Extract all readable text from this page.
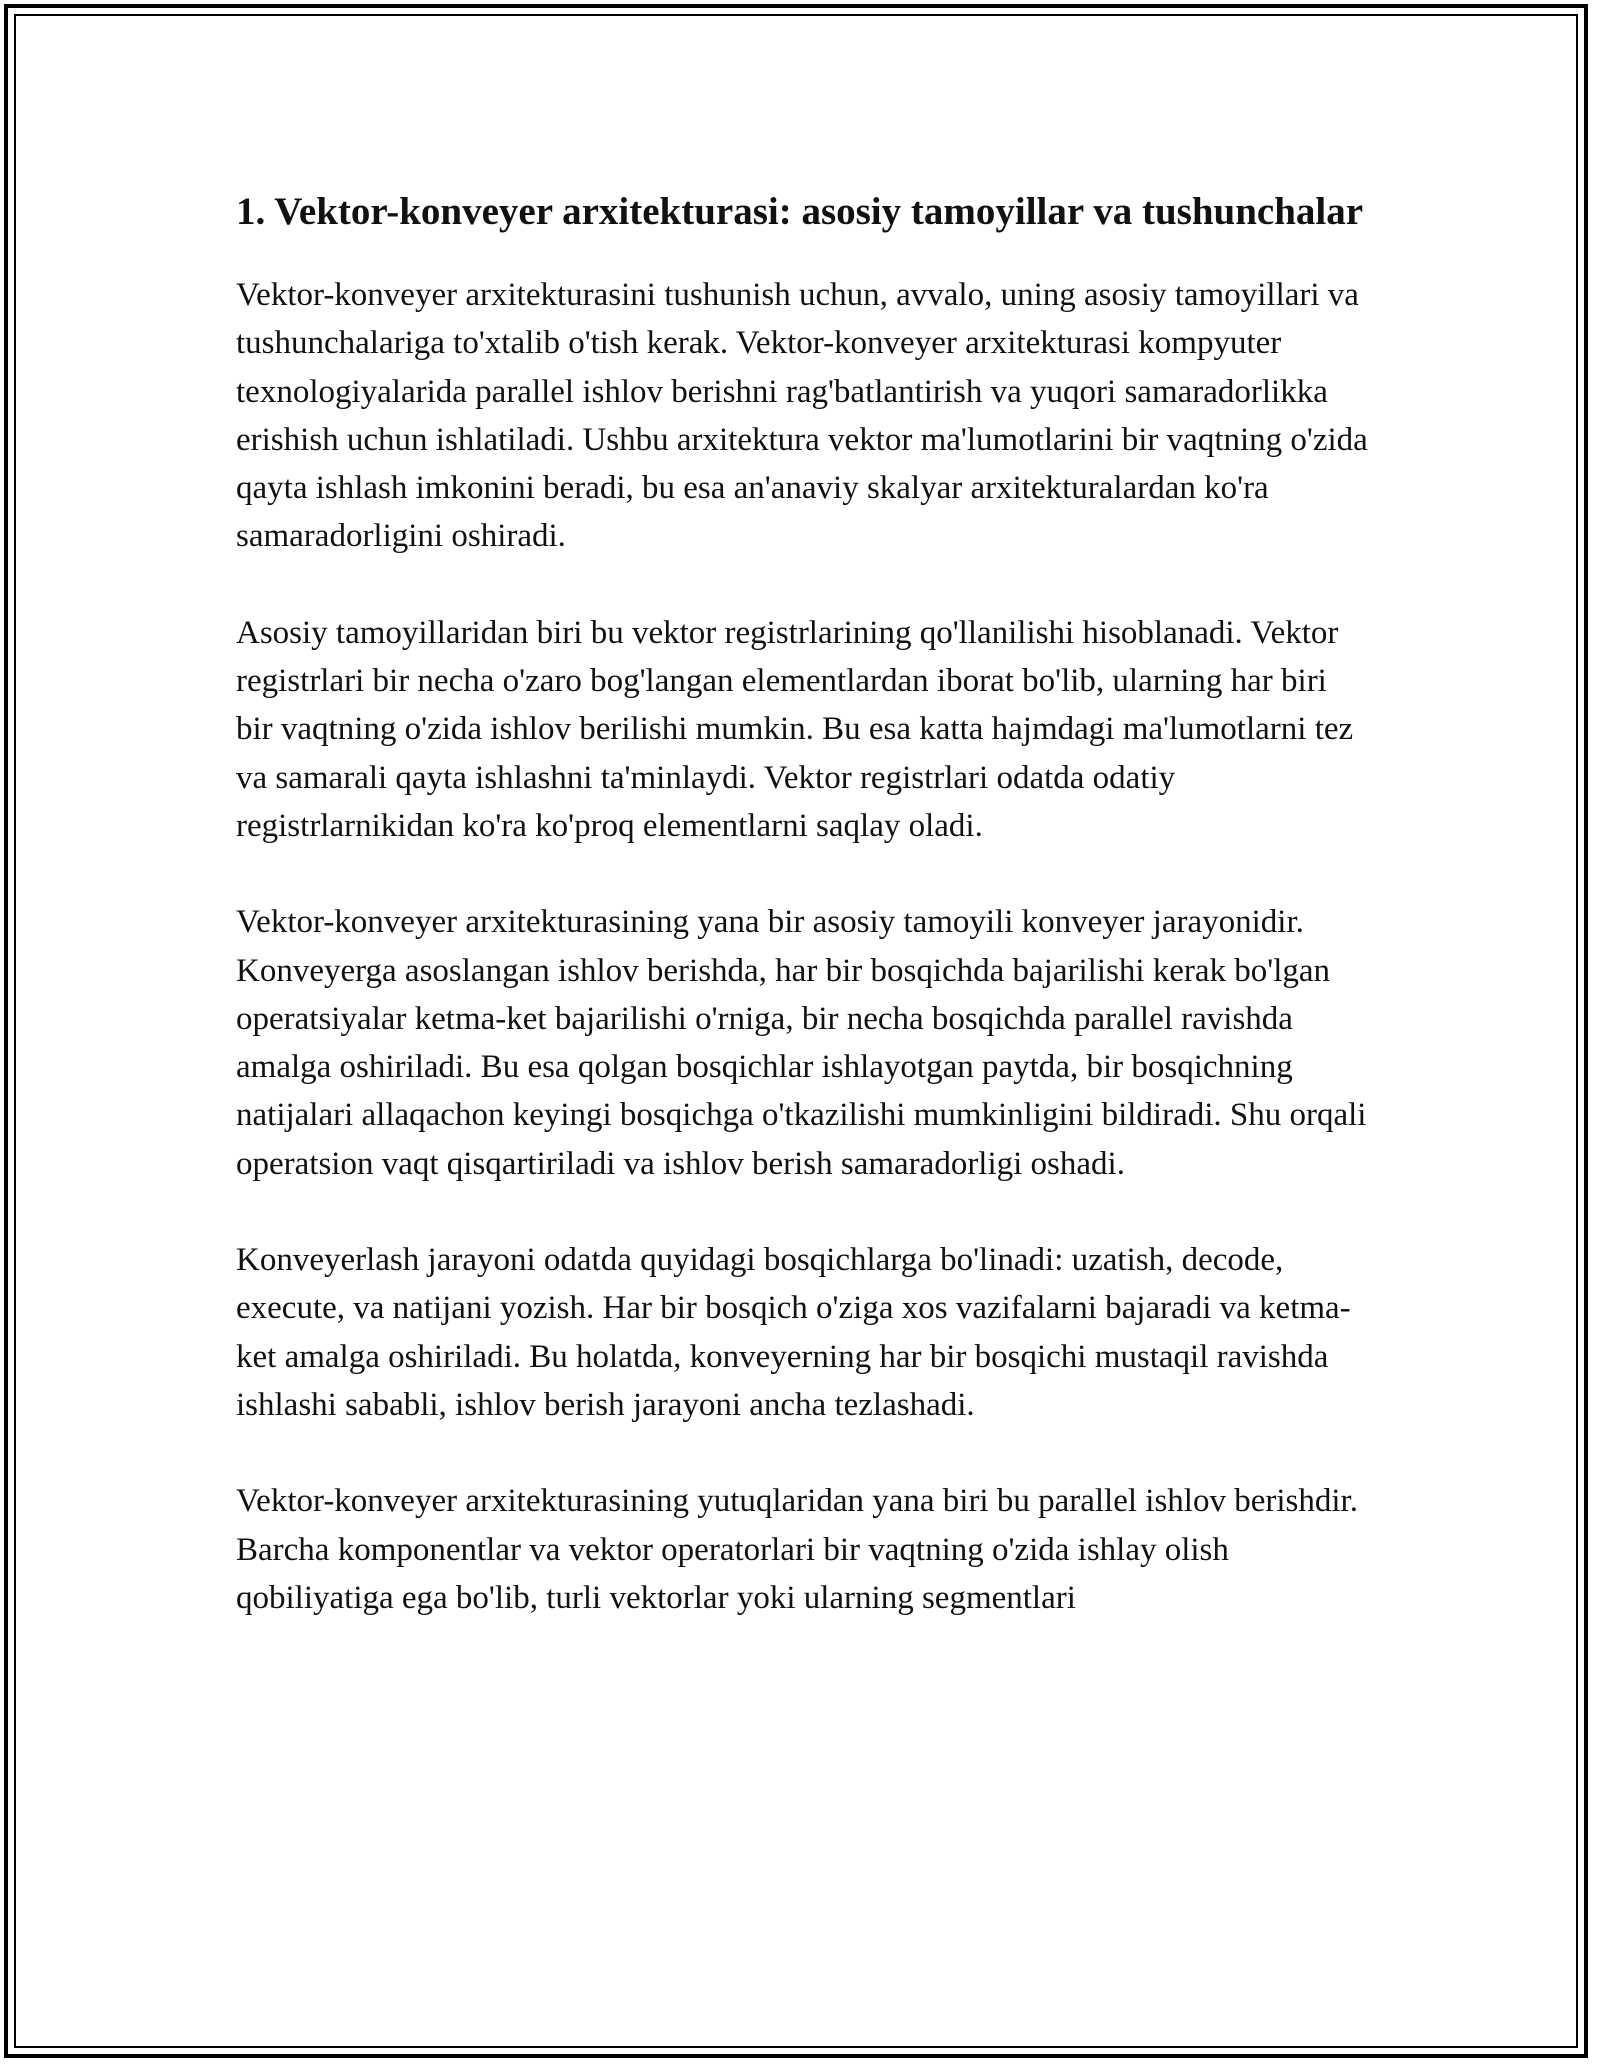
1. Vektor-konveyer arxitekturasi: asosiy tamoyillar va tushunchalar

Vektor-konveyer arxitekturasini tushunish uchun, avvalo, uning asosiy tamoyillari va tushunchalariga to'xtalib o'tish kerak. Vektor-konveyer arxitekturasi kompyuter texnologiyalarida parallel ishlov berishni rag'batlantirish va yuqori samaradorlikka erishish uchun ishlatiladi. Ushbu arxitektura vektor ma'lumotlarini bir vaqtning o'zida qayta ishlash imkonini beradi, bu esa an'anaviy skalyar arxitekturalardan ko'ra samaradorligini oshiradi.

Asosiy tamoyillaridan biri bu vektor registrlarining qo'llanilishi hisoblanadi. Vektor registrlari bir necha o'zaro bog'langan elementlardan iborat bo'lib, ularning har biri bir vaqtning o'zida ishlov berilishi mumkin. Bu esa katta hajmdagi ma'lumotlarni tez va samarali qayta ishlashni ta'minlaydi. Vektor registrlari odatda odatiy registrlarnikidan ko'ra ko'proq elementlarni saqlay oladi.

Vektor-konveyer arxitekturasining yana bir asosiy tamoyili konveyer jarayonidir. Konveyerga asoslangan ishlov berishda, har bir bosqichda bajarilishi kerak bo'lgan operatsiyalar ketma-ket bajarilishi o'rniga, bir necha bosqichda parallel ravishda amalga oshiriladi. Bu esa qolgan bosqichlar ishlayotgan paytda, bir bosqichning natijalari allaqachon keyingi bosqichga o'tkazilishi mumkinligini bildiradi. Shu orqali operatsion vaqt qisqartiriladi va ishlov berish samaradorligi oshadi.

Konveyerlash jarayoni odatda quyidagi bosqichlarga bo'linadi: uzatish, decode, execute, va natijani yozish. Har bir bosqich o'ziga xos vazifalarni bajaradi va ketma-ket amalga oshiriladi. Bu holatda, konveyerning har bir bosqichi mustaqil ravishda ishlashi sababli, ishlov berish jarayoni ancha tezlashadi.

Vektor-konveyer arxitekturasining yutuqlaridan yana biri bu parallel ishlov berishdir. Barcha komponentlar va vektor operatorlari bir vaqtning o'zida ishlay olish qobiliyatiga ega bo'lib, turli vektorlar yoki ularning segmentlari
